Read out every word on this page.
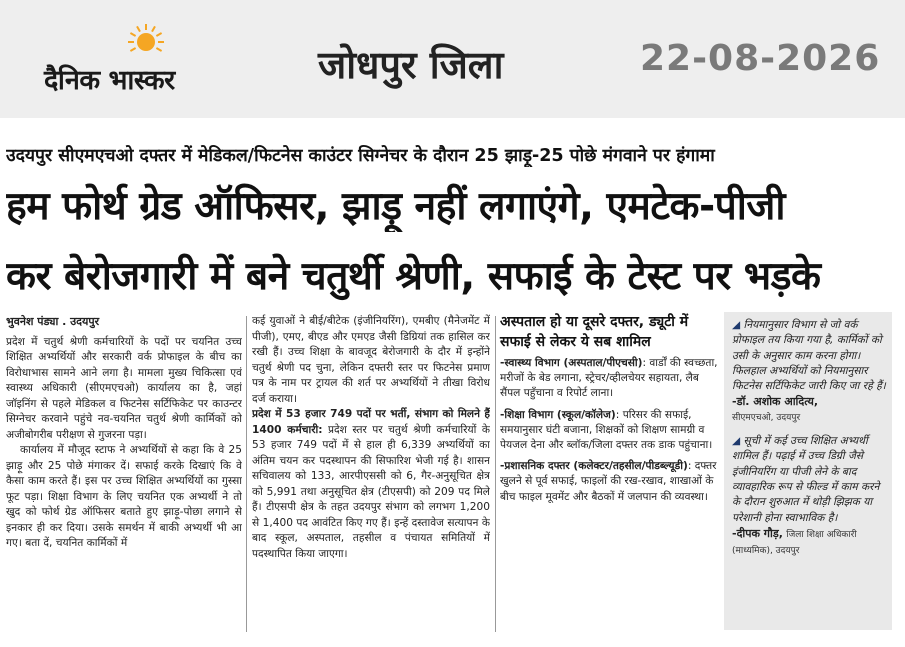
दैनिक भास्कर	जोधपुर जिला	22-08-2026
उदयपुर सीएमएचओ दफ्तर में मेडिकल/फिटनेस काउंटर सिग्नेचर के दौरान 25 झाड़ू-25 पोछे मंगवाने पर हंगामा
हम फोर्थ ग्रेड ऑफिसर, झाड़ू नहीं लगाएंगे, एमटेक-पीजी
कर बेरोजगारी में बने चतुर्थी श्रेणी, सफाई के टेस्ट पर भड़के
भुवनेश पंड्या . उदयपुर

प्रदेश में चतुर्थ श्रेणी कर्मचारियों के पदों पर चयनित उच्च शिक्षित अभ्यर्थियों और सरकारी वर्क प्रोफाइल के बीच का विरोधाभास सामने आने लगा है। मामला मुख्य चिकित्सा एवं स्वास्थ्य अधिकारी (सीएमएचओ) कार्यालय का है, जहां जॉइनिंग से पहले मेडिकल व फिटनेस सर्टिफिकेट पर काउन्टर सिग्नेचर करवाने पहुंचे नव-चयनित चतुर्थ श्रेणी कार्मिकों को अजीबोगरीब परीक्षण से गुजरना पड़ा।

कार्यालय में मौजूद स्टाफ ने अभ्यर्थियों से कहा कि वे 25 झाड़ू और 25 पोछे मंगाकर दें। सफाई करके दिखाएं कि वे कैसा काम करते हैं। इस पर उच्च शिक्षित अभ्यर्थियों का गुस्सा फूट पड़ा। शिक्षा विभाग के लिए चयनित एक अभ्यर्थी ने तो खुद को फोर्थ ग्रेड ऑफिसर बताते हुए झाड़ू-पोछा लगाने से इनकार ही कर दिया। उसके समर्थन में बाकी अभ्यर्थी भी आ गए। बता दें, चयनित कार्मिकों में

कई युवाओं ने बीई/बीटेक (इंजीनियरिंग), एमबीए (मैनेजमेंट में पीजी), एमए, बीएड और एमएड जैसी डिग्रियां तक हासिल कर रखी हैं। उच्च शिक्षा के बावजूद बेरोजगारी के दौर में इन्होंने चतुर्थ श्रेणी पद चुना, लेकिन दफ्तरी स्तर पर फिटनेस प्रमाण पत्र के नाम पर ट्रायल की शर्त पर अभ्यर्थियों ने तीखा विरोध दर्ज कराया।

प्रदेश में 53 हजार 749 पदों पर भर्ती, संभाग को मिलने हैं 1400 कर्मचारी: प्रदेश स्तर पर चतुर्थ श्रेणी कर्मचारियों के 53 हजार 749 पदों में से हाल ही 6,339 अभ्यर्थियों का अंतिम चयन कर पदस्थापन की सिफारिश भेजी गई है। शासन सचिवालय को 133, आरपीएससी को 6, गैर-अनुसूचित क्षेत्र को 5,991 तथा अनुसूचित क्षेत्र (टीएसपी) को 209 पद मिले हैं। टीएसपी क्षेत्र के तहत उदयपुर संभाग को लगभग 1,200 से 1,400 पद आवंटित किए गए हैं। इन्हें दस्तावेज सत्यापन के बाद स्कूल, अस्पताल, तहसील व पंचायत समितियों में पदस्थापित किया जाएगा।

अस्पताल हो या दूसरे दफ्तर, ड्यूटी में सफाई से लेकर ये सब शामिल
-स्वास्थ्य विभाग (अस्पताल/पीएचसी): वार्डों की स्वच्छता, मरीजों के बेड लगाना, स्ट्रेचर/व्हीलचेयर सहायता, लैब सैंपल पहुँचाना व रिपोर्ट लाना।
-शिक्षा विभाग (स्कूल/कॉलेज): परिसर की सफाई, समयानुसार घंटी बजाना, शिक्षकों को शिक्षण सामग्री व पेयजल देना और ब्लॉक/जिला दफ्तर तक डाक पहुंचाना।
-प्रशासनिक दफ्तर (कलेक्टर/तहसील/पीडब्ल्यूडी): दफ्तर खुलने से पूर्व सफाई, फाइलों की रख-रखाव, शाखाओं के बीच फाइल मूवमेंट और बैठकों में जलपान की व्यवस्था।
◢ नियमानुसार विभाग से जो वर्क प्रोफाइल तय किया गया है, कार्मिकों को उसी के अनुसार काम करना होगा। फिलहाल अभ्यर्थियों को नियमानुसार फिटनेस सर्टिफिकेट जारी किए जा रहे हैं।
-डॉ. अशोक आदित्य,
सीएमएचओ, उदयपुर
◢ सूची में कई उच्च शिक्षित अभ्यर्थी शामिल हैं। पढ़ाई में उच्च डिग्री जैसे इंजीनियरिंग या पीजी लेने के बाद व्यावहारिक रूप से फील्ड में काम करने के दौरान शुरुआत में थोड़ी झिझक या परेशानी होना स्वाभाविक है।
-दीपक गौड़, जिला शिक्षा अधिकारी (माध्यमिक), उदयपुर
